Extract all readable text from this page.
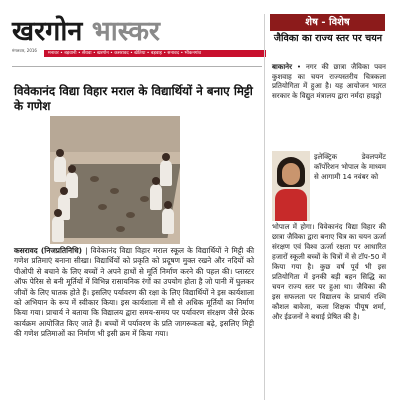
खरगोन भास्कर
मंगलवार, 2016
मनावर • बड़वानी • सेंधवा • खरगोन • कसरावद • खेतिया • बड़वाह • सनावद • भीकनगांव
विवेकानंद विद्या विहार मराल के विद्यार्थियों ने बनाए मिट्टी के गणेश
कसरावद (निजप्रतिनिधि) | विवेकानंद विद्या विहार मराल स्कूल के विद्यार्थियों ने मिट्टी की गणेश प्रतिमाएं बनाना सीखा। विद्यार्थियों को प्रकृति को प्रदूषण मुक्त रखने और नदियों को पीओपी से बचाने के लिए बच्चों ने अपने हाथों से मूर्ति निर्माण करने की पहल की। प्लास्टर ऑफ पेरिस से बनी मूर्तियों में विभिन्न रासायनिक रंगों का उपयोग होता है जो पानी में घुलकर जीवों के लिए घातक होते हैं। इसलिए पर्यावरण की रक्षा के लिए विद्यार्थियों ने इस कार्यशाला को अभियान के रूप में स्वीकार किया। इस कार्यशाला में सौ से अधिक मूर्तियों का निर्माण किया गया। प्राचार्य ने बताया कि विद्यालय द्वारा समय-समय पर पर्यावरण संरक्षण जैसे प्रेरक कार्यक्रम आयोजित किए जाते हैं। बच्चों में पर्यावरण के प्रति जागरूकता बढ़े, इसलिए मिट्टी की गणेश प्रतिमाओं का निर्माण भी इसी क्रम में किया गया।
शेष - विशेष
जैविका का राज्य स्तर पर चयन
बाकानेर • नगर की छात्रा जैविका पवन कुशवाह का चयन राज्यस्तरीय चित्रकला प्रतियोगिता में हुआ है। यह आयोजन भारत सरकार के विद्युत मंत्रालय द्वारा नर्मदा हाइड्रो
इलेक्ट्रिक डेवलपमेंट कॉर्पोरेशन भोपाल के माध्यम से आगामी 14 नवंबर को
भोपाल में होगा। विवेकानंद विद्या विहार की छात्रा जैविका द्वारा बनाए चित्र का चयन ऊर्जा संरक्षण एवं विश्व ऊर्जा रक्षता पर आधारित हजारों स्कूली बच्चों के चित्रों में से टॉप-50 में किया गया है। कुछ वर्ष पूर्व भी इस प्रतियोगिता में इनकी बड़ी बहन सिद्धि का चयन राज्य स्तर पर हुआ था। जैविका की इस सफलता पर विद्यालय के प्राचार्य रश्मि कौशल बावेजा, कला शिक्षक पीयूष शर्मा, और ईडजनों ने बधाई प्रेषित की है।
